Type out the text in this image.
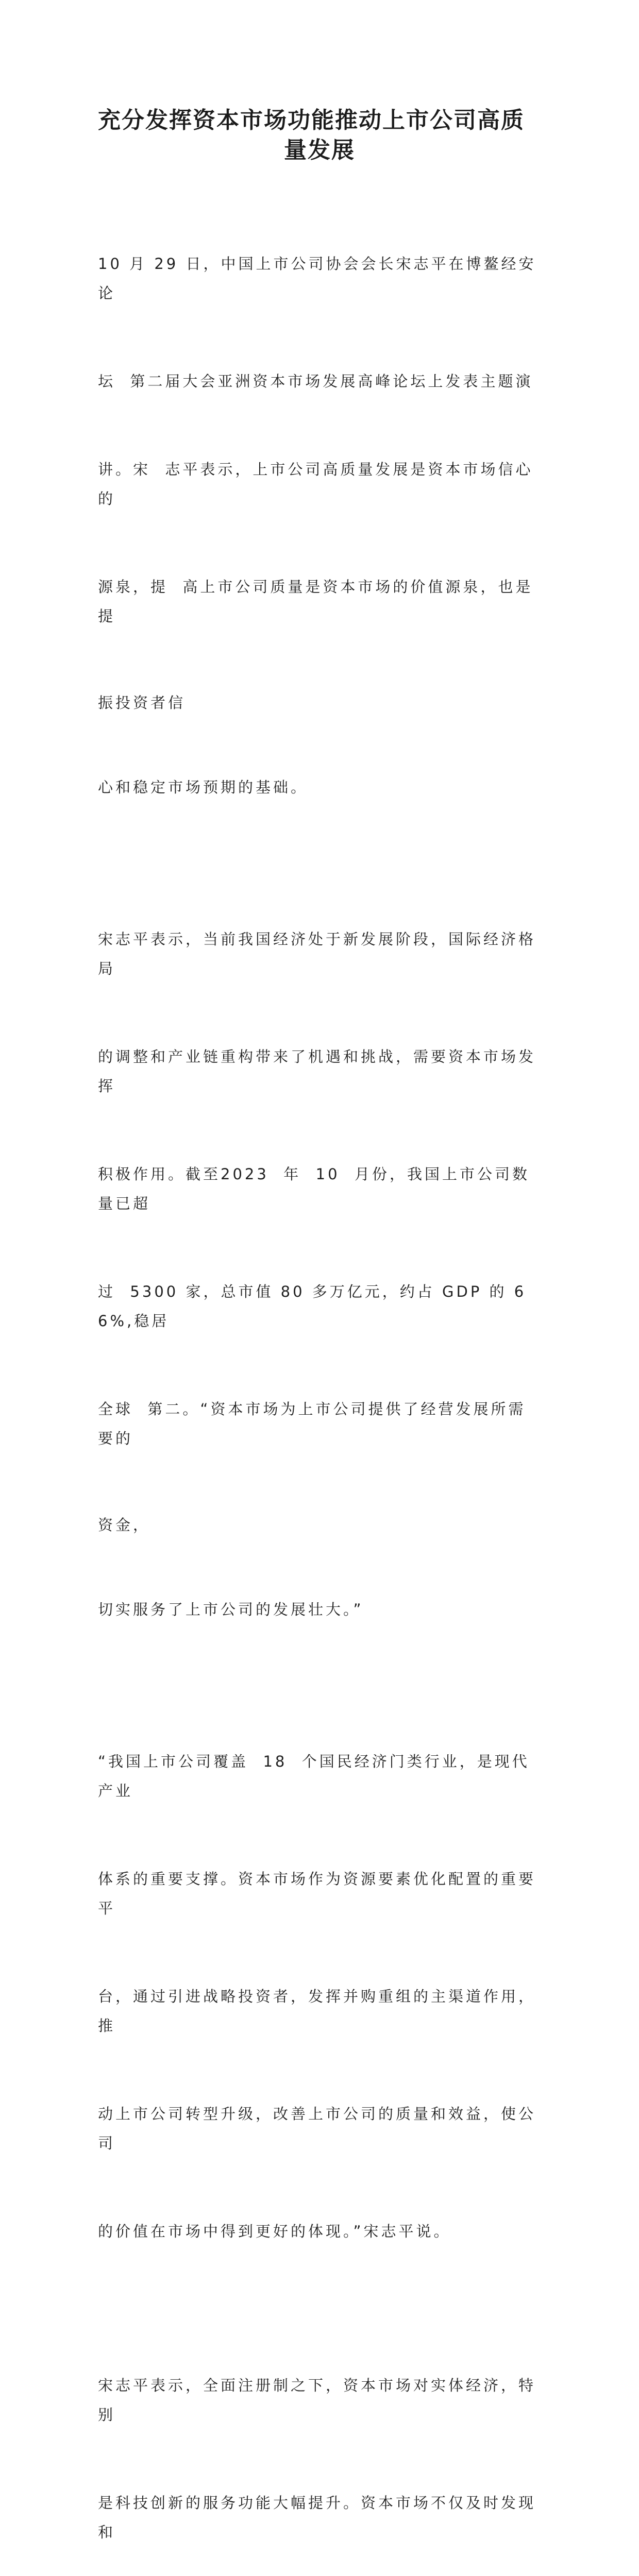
充分发挥资本市场功能推动上市公司高质
量发展

10 月 29 日，中国上市公司协会会长宋志平在博鳌经安论

坛  第二届大会亚洲资本市场发展高峰论坛上发表主题演

讲。宋  志平表示，上市公司高质量发展是资本市场信心的

源泉，提  高上市公司质量是资本市场的价值源泉，也是提

振投资者信

心和稳定市场预期的基础。

宋志平表示，当前我国经济处于新发展阶段，国际经济格局

的调整和产业链重构带来了机遇和挑战，需要资本市场发挥

积极作用。截至2023  年  10  月份，我国上市公司数量已超

过  5300 家，总市值 80 多万亿元，约占 GDP 的 66%,稳居

全球  第二。“资本市场为上市公司提供了经营发展所需要的

资金，

切实服务了上市公司的发展壮大。”

“我国上市公司覆盖  18  个国民经济门类行业，是现代产业

体系的重要支撑。资本市场作为资源要素优化配置的重要平

台，通过引进战略投资者，发挥并购重组的主渠道作用，推

动上市公司转型升级，改善上市公司的质量和效益，使公司

的价值在市场中得到更好的体现。”宋志平说。

宋志平表示，全面注册制之下，资本市场对实体经济，特别

是科技创新的服务功能大幅提升。资本市场不仅及时发现和
